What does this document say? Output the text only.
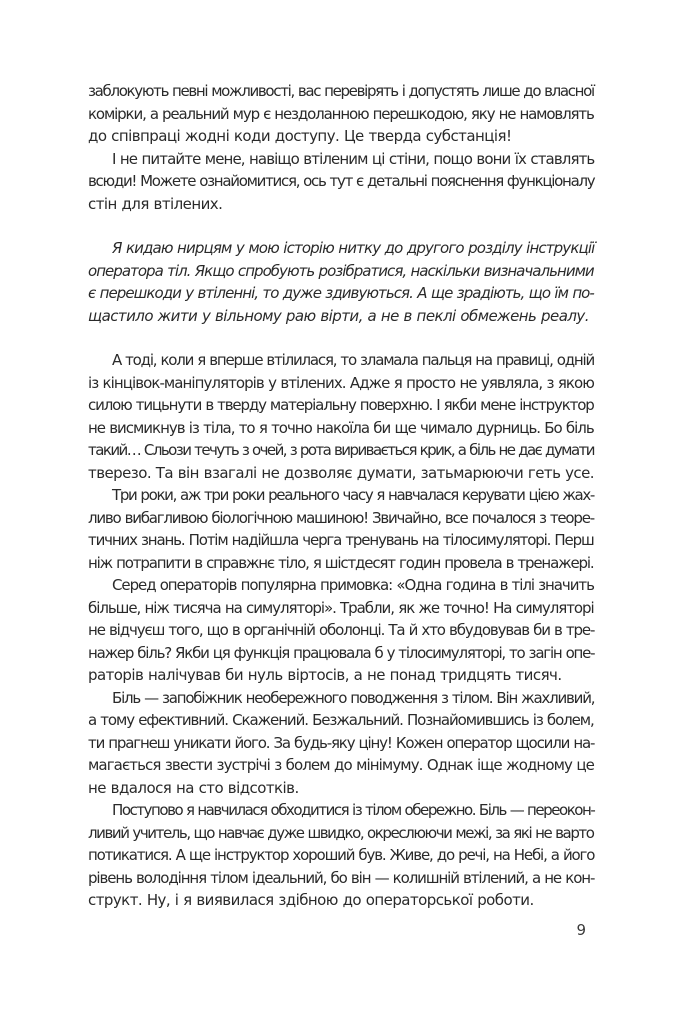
заблокують певні можливості, вас перевірять і допустять лише до власної
комірки, а реальний мур є нездоланною перешкодою, яку не намовлять
до співпраці жодні коди доступу. Це тверда субстанція!
І не питайте мене, навіщо втіленим ці стіни, пощо вони їх ставлять
всюди! Можете ознайомитися, ось тут є детальні пояснення функціоналу
стін для втілених.
Я кидаю нирцям у мою історію нитку до другого розділу інструкції
оператора тіл. Якщо спробують розібратися, наскільки визначальними
є перешкоди у втіленні, то дуже здивуються. А ще зрадіють, що їм по-
щастило жити у вільному раю вірти, а не в пеклі обмежень реалу.
А тоді, коли я вперше втілилася, то зламала пальця на правиці, одній
із кінцівок-маніпуляторів у втілених. Адже я просто не уявляла, з якою
силою тицьнути в тверду матеріальну поверхню. І якби мене інструктор
не висмикнув із тіла, то я точно накоїла би ще чимало дурниць. Бо біль
такий… Сльози течуть з очей, з рота виривається крик, а біль не дає думати
тверезо. Та він взагалі не дозволяє думати, затьмарюючи геть усе.
Три роки, аж три роки реального часу я навчалася керувати цією жах-
ливо вибагливою біологічною машиною! Звичайно, все почалося з теоре-
тичних знань. Потім надійшла черга тренувань на тілосимуляторі. Перш
ніж потрапити в справжнє тіло, я шістдесят годин провела в тренажері.
Серед операторів популярна примовка: «Одна година в тілі значить
більше, ніж тисяча на симуляторі». Трабли, як же точно! На симуляторі
не відчуєш того, що в органічній оболонці. Та й хто вбудовував би в тре-
нажер біль? Якби ця функція працювала б у тілосимуляторі, то загін опе-
раторів налічував би нуль віртосів, а не понад тридцять тисяч.
Біль — запобіжник необережного поводження з тілом. Він жахливий,
а тому ефективний. Скажений. Безжальний. Познайомившись із болем,
ти прагнеш уникати його. За будь-яку ціну! Кожен оператор щосили на-
магається звести зустрічі з болем до мінімуму. Однак іще жодному це
не вдалося на сто відсотків.
Поступово я навчилася обходитися із тілом обережно. Біль — переокон-
ливий учитель, що навчає дуже швидко, окреслюючи межі, за які не варто
потикатися. А ще інструктор хороший був. Живе, до речі, на Небі, а його
рівень володіння тілом ідеальний, бо він — колишній втілений, а не кон-
структ. Ну, і я виявилася здібною до операторської роботи.
9
